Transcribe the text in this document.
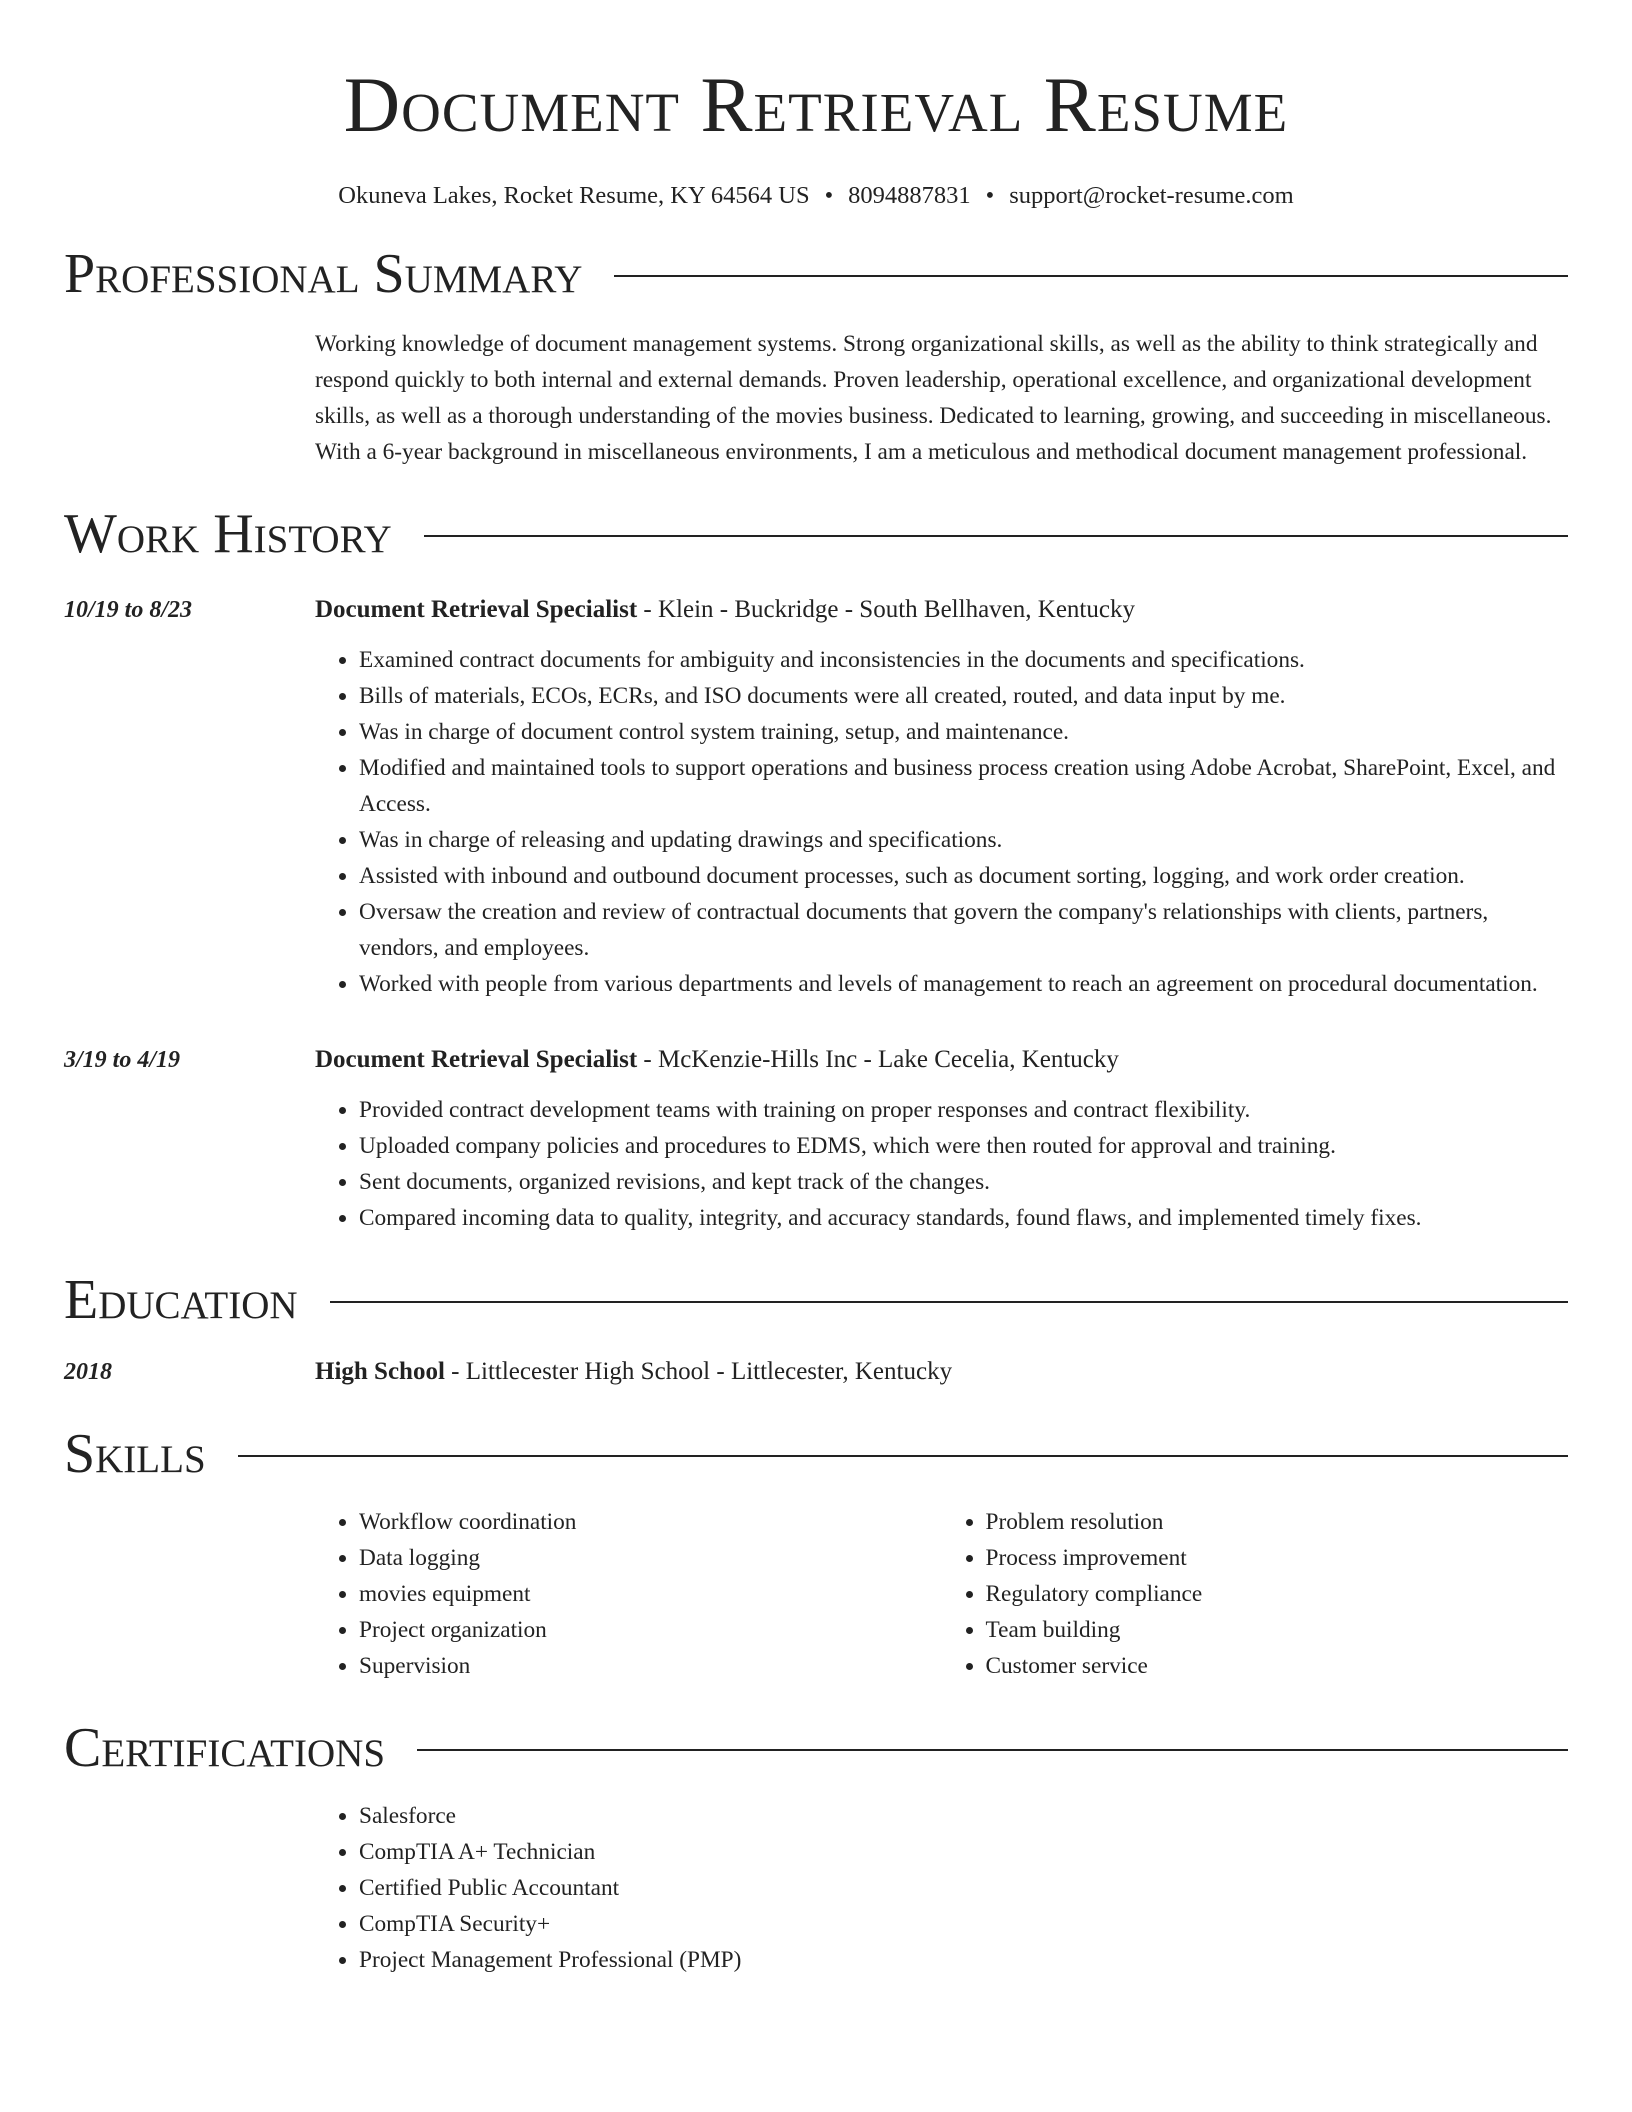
Document Retrieval Resume
Okuneva Lakes, Rocket Resume, KY 64564 US • 8094887831 • support@rocket-resume.com
Professional Summary
Working knowledge of document management systems. Strong organizational skills, as well as the ability to think strategically and respond quickly to both internal and external demands. Proven leadership, operational excellence, and organizational development skills, as well as a thorough understanding of the movies business. Dedicated to learning, growing, and succeeding in miscellaneous. With a 6-year background in miscellaneous environments, I am a meticulous and methodical document management professional.
Work History
10/19 to 8/23	Document Retrieval Specialist - Klein - Buckridge - South Bellhaven, Kentucky
• Examined contract documents for ambiguity and inconsistencies in the documents and specifications.
• Bills of materials, ECOs, ECRs, and ISO documents were all created, routed, and data input by me.
• Was in charge of document control system training, setup, and maintenance.
• Modified and maintained tools to support operations and business process creation using Adobe Acrobat, SharePoint, Excel, and Access.
• Was in charge of releasing and updating drawings and specifications.
• Assisted with inbound and outbound document processes, such as document sorting, logging, and work order creation.
• Oversaw the creation and review of contractual documents that govern the company's relationships with clients, partners, vendors, and employees.
• Worked with people from various departments and levels of management to reach an agreement on procedural documentation.
3/19 to 4/19	Document Retrieval Specialist - McKenzie-Hills Inc - Lake Cecelia, Kentucky
• Provided contract development teams with training on proper responses and contract flexibility.
• Uploaded company policies and procedures to EDMS, which were then routed for approval and training.
• Sent documents, organized revisions, and kept track of the changes.
• Compared incoming data to quality, integrity, and accuracy standards, found flaws, and implemented timely fixes.
Education
2018	High School - Littlecester High School - Littlecester, Kentucky
Skills
• Workflow coordination
• Data logging
• movies equipment
• Project organization
• Supervision
• Problem resolution
• Process improvement
• Regulatory compliance
• Team building
• Customer service
Certifications
• Salesforce
• CompTIA A+ Technician
• Certified Public Accountant
• CompTIA Security+
• Project Management Professional (PMP)
